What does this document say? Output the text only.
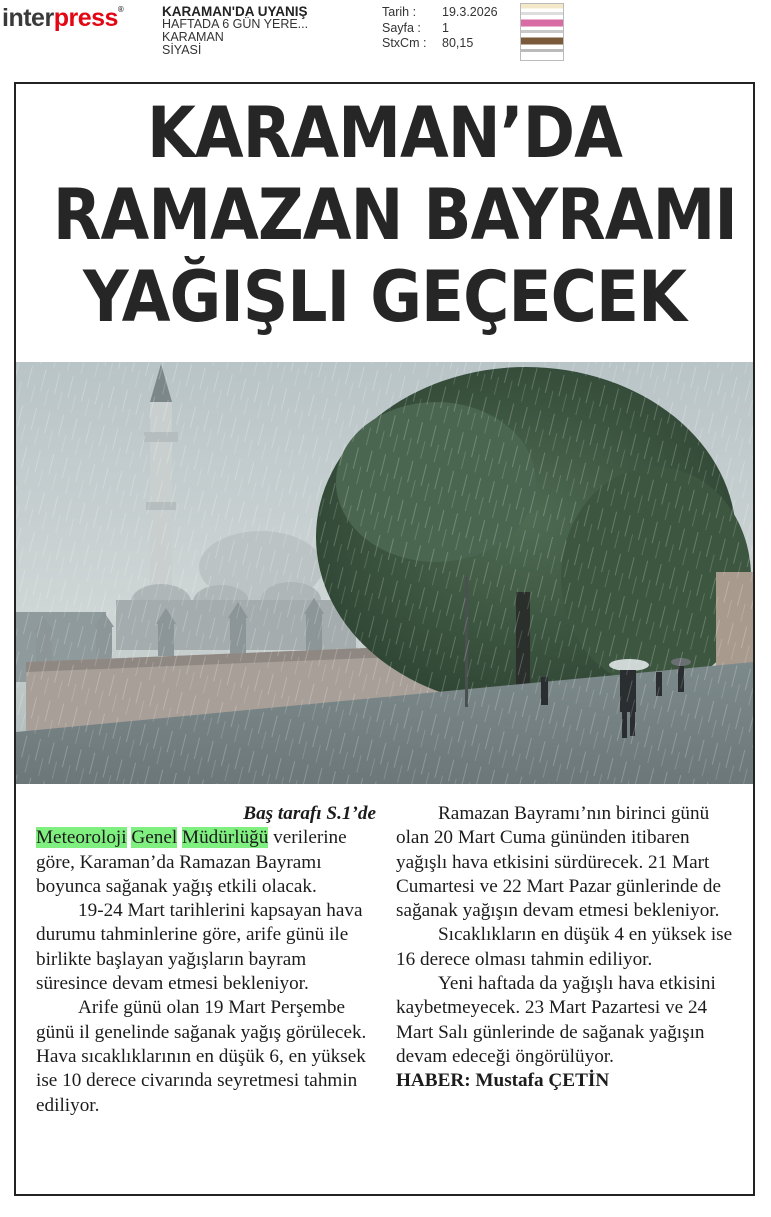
interpress®	KARAMAN'DA UYANIŞ
HAFTADA 6 GÜN YERE...
KARAMAN
SİYASİ
Tarih :	19.3.2026
Sayfa :	1
StxCm :	80,15
KARAMAN’DA
RAMAZAN BAYRAMI
YAĞIŞLI GEÇECEK

Baş tarafı S.1’de

Meteoroloji Genel Müdürlüğü verilerine göre, Karaman’da Ramazan Bayramı boyunca sağanak yağış etkili olacak.

19-24 Mart tarihlerini kapsayan hava durumu tahminlerine göre, arife günü ile birlikte başlayan yağışların bayram süresince devam etmesi bekleniyor.

Arife günü olan 19 Mart Perşembe günü il genelinde sağanak yağış görülecek. Hava sıcaklıklarının en düşük 6, en yüksek ise 10 derece civarında seyretmesi tahmin ediliyor.

Ramazan Bayramı’nın birinci günü olan 20 Mart Cuma gününden itibaren yağışlı hava etkisini sürdürecek. 21 Mart Cumartesi ve 22 Mart Pazar günlerinde de sağanak yağışın devam etmesi bekleniyor.

Sıcaklıkların en düşük 4 en yüksek ise 16 derece olması tahmin ediliyor.

Yeni haftada da yağışlı hava etkisini kaybetmeyecek. 23 Mart Pazartesi ve 24 Mart Salı günlerinde de sağanak yağışın devam edeceği öngörülüyor.

HABER: Mustafa ÇETİN
